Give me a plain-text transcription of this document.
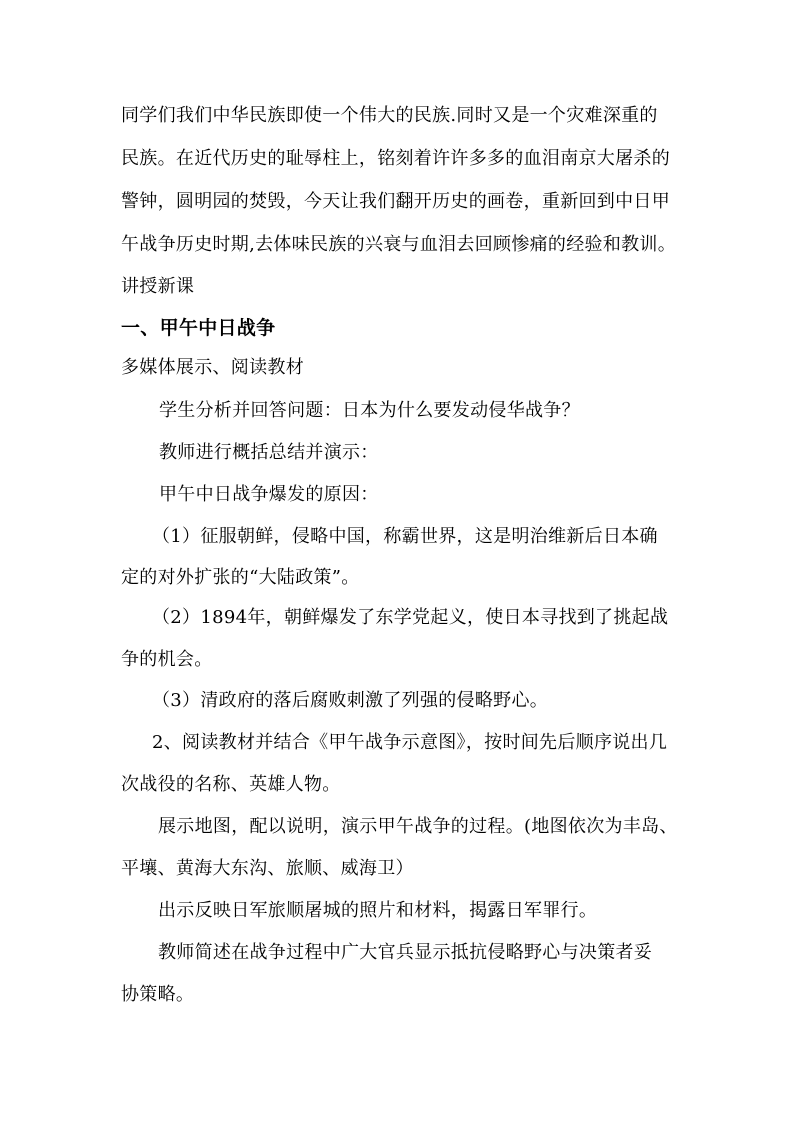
同学们我们中华民族即使一个伟大的民族.同时又是一个灾难深重的
民族。在近代历史的耻辱柱上，铭刻着许许多多的血泪南京大屠杀的
警钟，圆明园的焚毁，今天让我们翻开历史的画卷，重新回到中日甲
午战争历史时期,去体味民族的兴衰与血泪去回顾惨痛的经验和教训。
讲授新课
一、甲午中日战争
多媒体展示、阅读教材
学生分析并回答问题：日本为什么要发动侵华战争？
教师进行概括总结并演示：
甲午中日战争爆发的原因：
（1）征服朝鲜，侵略中国，称霸世界，这是明治维新后日本确
定的对外扩张的“大陆政策”。
（2）1894年，朝鲜爆发了东学党起义，使日本寻找到了挑起战
争的机会。
（3）清政府的落后腐败刺激了列强的侵略野心。
2、阅读教材并结合《甲午战争示意图》，按时间先后顺序说出几
次战役的名称、英雄人物。
展示地图，配以说明，演示甲午战争的过程。(地图依次为丰岛、
平壤、黄海大东沟、旅顺、威海卫）
出示反映日军旅顺屠城的照片和材料，揭露日军罪行。
教师简述在战争过程中广大官兵显示抵抗侵略野心与决策者妥
协策略。
